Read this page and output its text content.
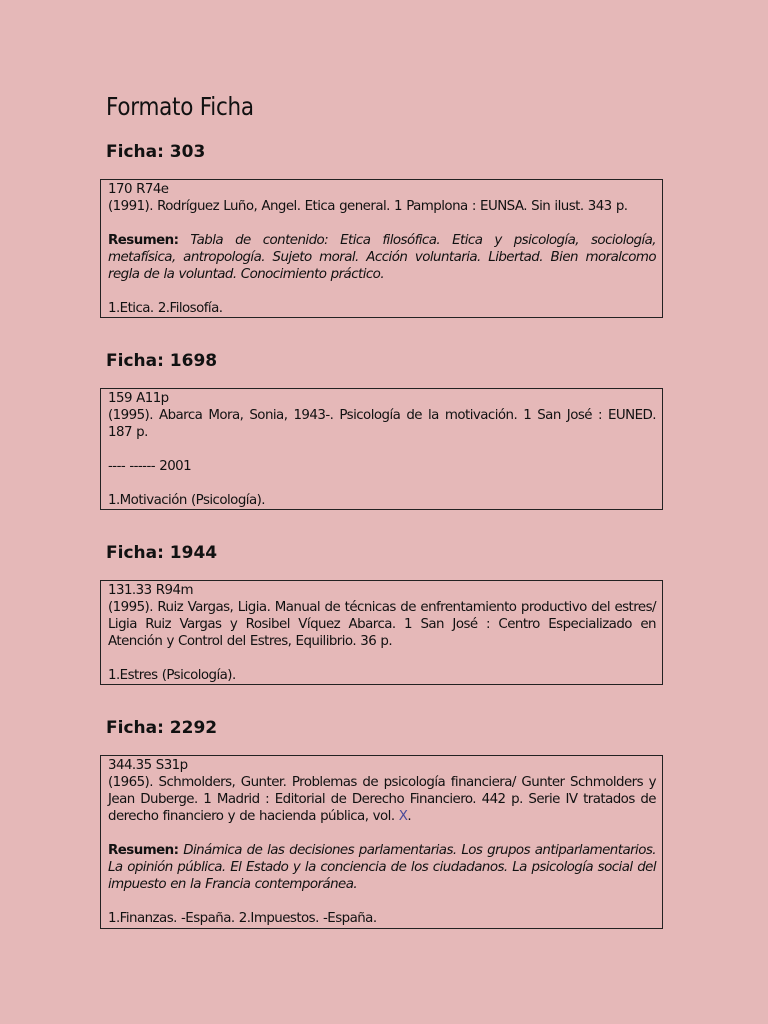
Formato Ficha
Ficha: 303

170 R74e

(1991). Rodríguez Luño, Angel. Etica general. 1 Pamplona : EUNSA. Sin ilust. 343 p.

Resumen: Tabla de contenido: Etica filosófica. Etica y psicología, sociología, metafísica, antropología. Sujeto moral. Acción voluntaria. Libertad. Bien moralcomo regla de la voluntad. Conocimiento práctico.

1.Etica. 2.Filosofía.

Ficha: 1698

159 A11p

(1995). Abarca Mora, Sonia, 1943-. Psicología de la motivación. 1 San José : EUNED. 187 p.

---- ------ 2001

1.Motivación (Psicología).

Ficha: 1944

131.33 R94m

(1995). Ruiz Vargas, Ligia. Manual de técnicas de enfrentamiento productivo del estres/ Ligia Ruiz Vargas y Rosibel Víquez Abarca. 1 San José : Centro Especializado en Atención y Control del Estres, Equilibrio. 36 p.

1.Estres (Psicología).

Ficha: 2292

344.35 S31p

(1965). Schmolders, Gunter. Problemas de psicología financiera/ Gunter Schmolders y Jean Duberge. 1 Madrid : Editorial de Derecho Financiero. 442 p. Serie IV tratados de derecho financiero y de hacienda pública, vol. X.

Resumen: Dinámica de las decisiones parlamentarias. Los grupos antiparlamentarios. La opinión pública. El Estado y la conciencia de los ciudadanos. La psicología social del impuesto en la Francia contemporánea.

1.Finanzas. -España. 2.Impuestos. -España.
